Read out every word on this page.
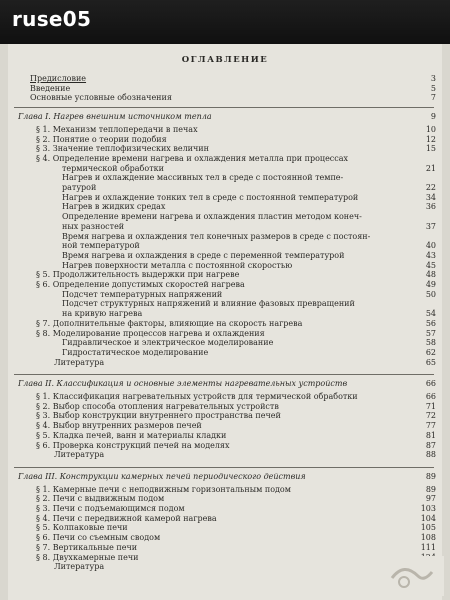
ruse05
ОГЛАВЛЕНИЕ
Предисловие	3
Введение	5
Основные условные обозначения	7
Глава I. Нагрев внешним источником тепла	9
§ 1. Механизм теплопередачи в печах	10
§ 2. Понятие о теории подобия	12
§ 3. Значение теплофизических величин	15
§ 4. Определение времени нагрева и охлаждения металла при процессах
термической обработки	21
Нагрев и охлаждение массивных тел в среде с постоянной темпе-
ратурой	22
Нагрев и охлаждение тонких тел в среде с постоянной температурой	34
Нагрев в жидких средах	36
Определение времени нагрева и охлаждения пластин методом конеч-
ных разностей	37
Время нагрева и охлаждения тел конечных размеров в среде с постоян-
ной температурой	40
Время нагрева и охлаждения в среде с переменной температурой	43
Нагрев поверхности металла с постоянной скоростью	45
§ 5. Продолжительность выдержки при нагреве	48
§ 6. Определение допустимых скоростей нагрева	49
Подсчет температурных напряжений	50
Подсчет структурных напряжений и влияние фазовых превращений
на кривую нагрева	54
§ 7. Дополнительные факторы, влияющие на скорость нагрева	56
§ 8. Моделирование процессов нагрева и охлаждения	57
Гидравлическое и электрическое моделирование	58
Гидростатическое моделирование	62
Литература	65
Глава II. Классификация и основные элементы нагревательных устройств	66
§ 1. Классификация нагревательных устройств для термической обработки	66
§ 2. Выбор способа отопления нагревательных устройств	71
§ 3. Выбор конструкции внутреннего пространства печей	72
§ 4. Выбор внутренних размеров печей	77
§ 5. Кладка печей, ванн и материалы кладки	81
§ 6. Проверка конструкций печей на моделях	87
Литература	88
Глава III. Конструкции камерных печей периодического действия	89
§ 1. Камерные печи с неподвижным горизонтальным подом	89
§ 2. Печи с выдвижным подом	97
§ 3. Печи с подъемающимся подом	103
§ 4. Печи с передвижной камерой нагрева	104
§ 5. Колпаковые печи	105
§ 6. Печи со съемным сводом	108
§ 7. Вертикальные печи	111
§ 8. Двухкамерные печи
Литература
